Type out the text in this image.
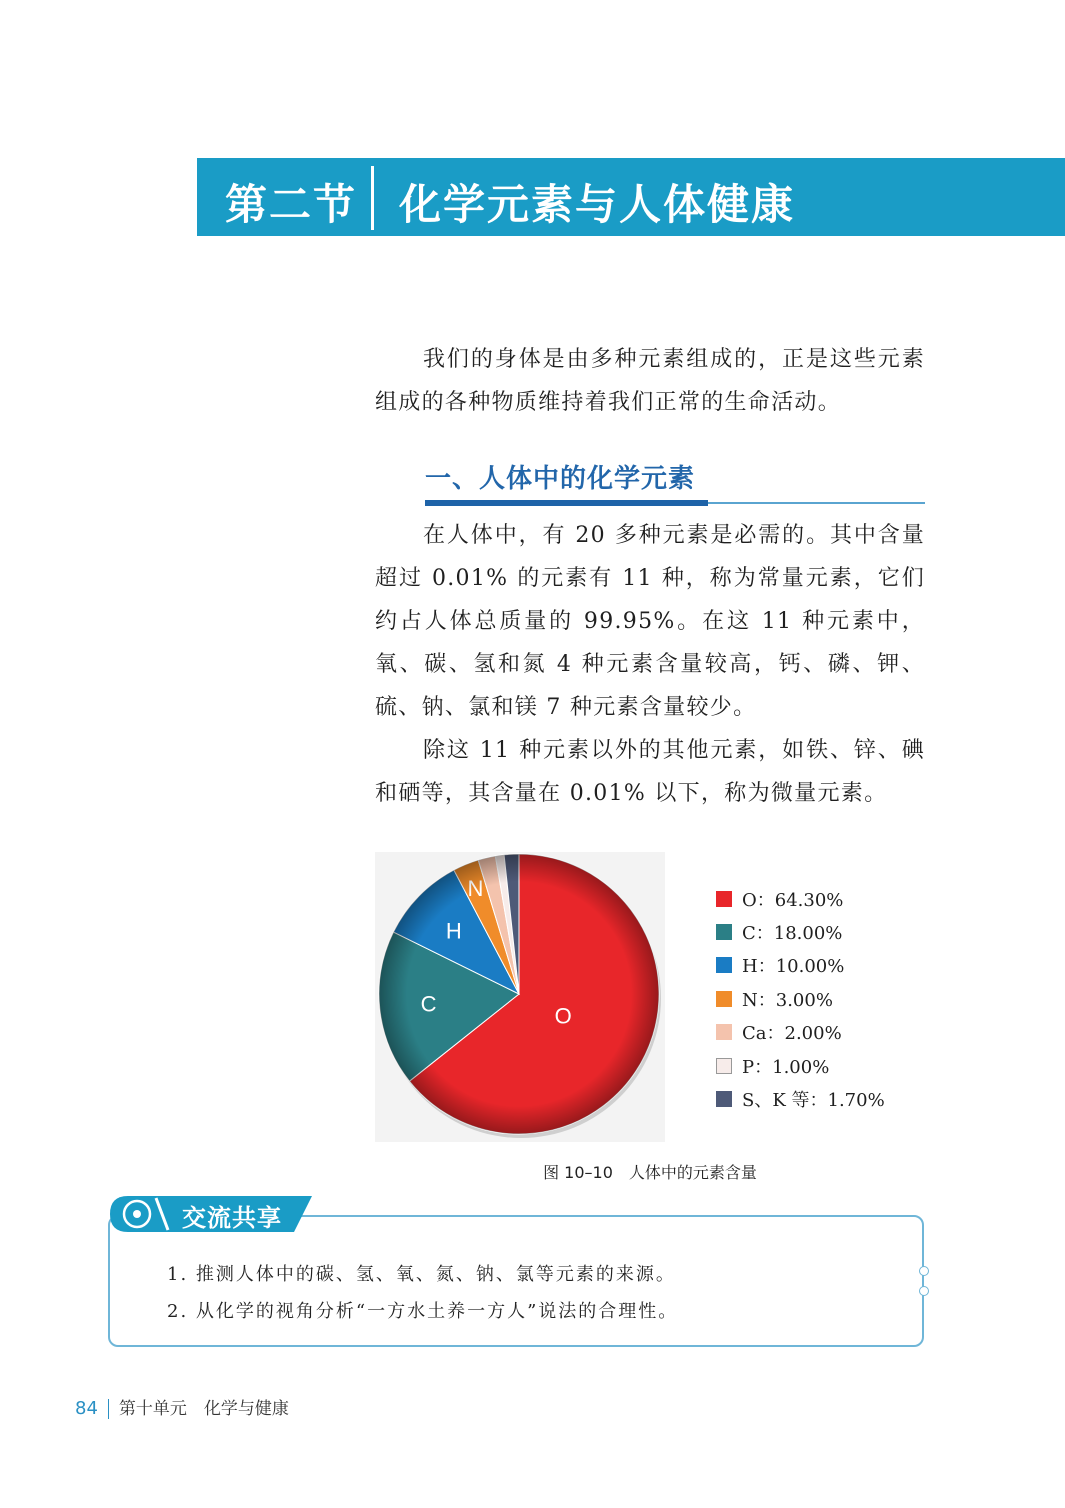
第二节 化学元素与人体健康
我们的身体是由多种元素组成的，正是这些元素组成的各种物质维持着我们正常的生命活动。
一、人体中的化学元素
在人体中，有 20 多种元素是必需的。其中含量超过 0.01% 的元素有 11 种，称为常量元素，它们约占人体总质量的 99.95%。在这 11 种元素中，氧、碳、氢和氮 4 种元素含量较高，钙、磷、钾、硫、钠、氯和镁 7 种元素含量较少。
除这 11 种元素以外的其他元素，如铁、锌、碘和硒等，其含量在 0.01% 以下，称为微量元素。
O：64.30%
C：18.00%
H：10.00%
N：3.00%
Ca：2.00%
P：1.00%
S、K 等：1.70%
图 10–10　人体中的元素含量
交流共享
1. 推测人体中的碳、氢、氧、氮、钠、氯等元素的来源。
2. 从化学的视角分析“一方水土养一方人”说法的合理性。
84 第十单元　化学与健康
